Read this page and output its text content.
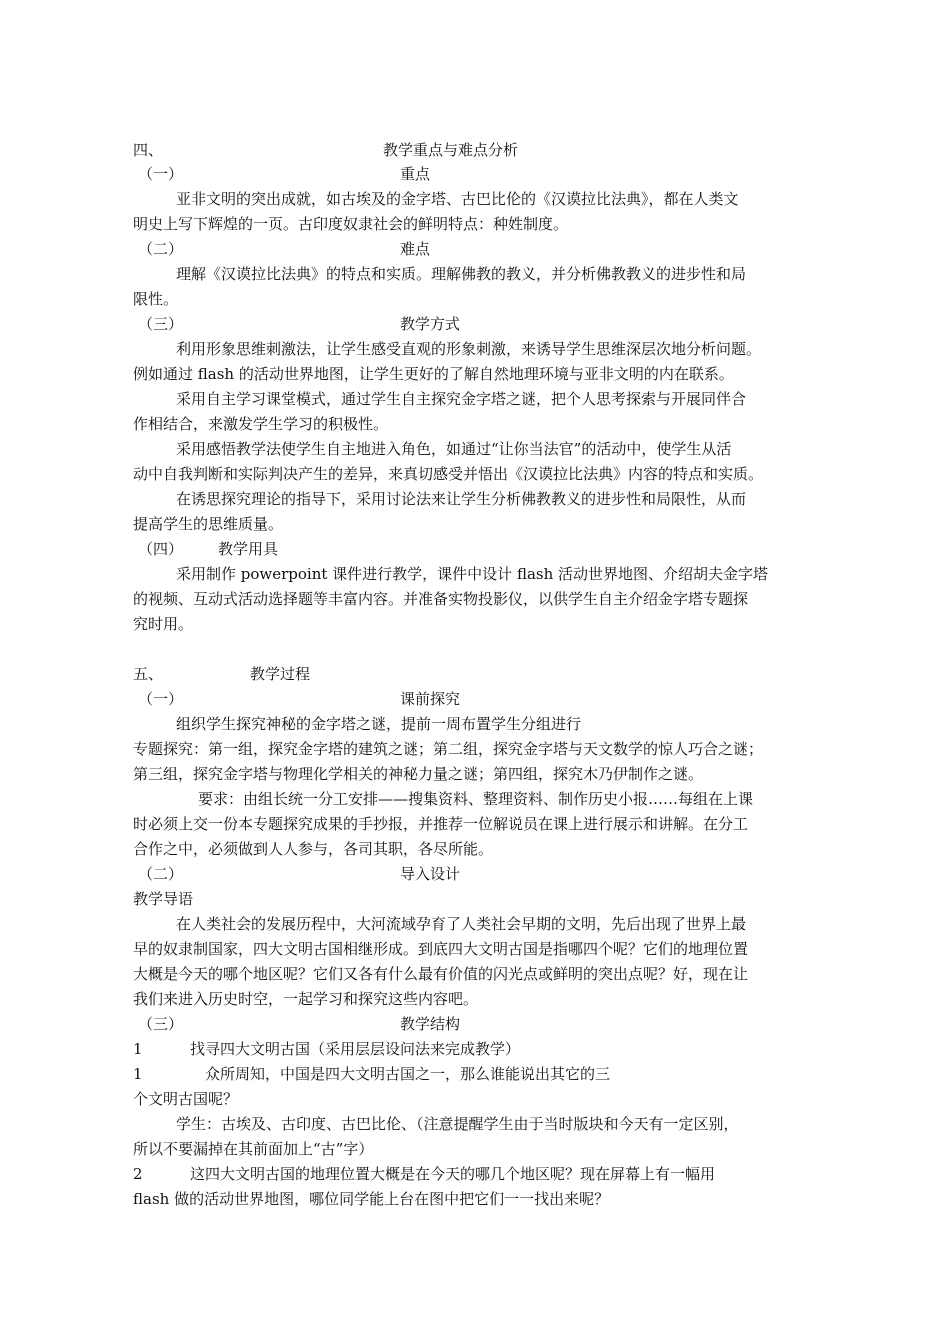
四、	教学重点与难点分析
（一）	重点
亚非文明的突出成就，如古埃及的金字塔、古巴比伦的《汉谟拉比法典》，都在人类文
明史上写下辉煌的一页。古印度奴隶社会的鲜明特点：种姓制度。
（二）	难点
理解《汉谟拉比法典》的特点和实质。理解佛教的教义，并分析佛教教义的进步性和局
限性。
（三）	教学方式
利用形象思维刺激法，让学生感受直观的形象刺激，来诱导学生思维深层次地分析问题。
例如通过 flash 的活动世界地图，让学生更好的了解自然地理环境与亚非文明的内在联系。
采用自主学习课堂模式，通过学生自主探究金字塔之谜，把个人思考探索与开展同伴合
作相结合，来激发学生学习的积极性。
采用感悟教学法使学生自主地进入角色，如通过“让你当法官”的活动中，使学生从活
动中自我判断和实际判决产生的差异，来真切感受并悟出《汉谟拉比法典》内容的特点和实质。
在诱思探究理论的指导下，采用讨论法来让学生分析佛教教义的进步性和局限性，从而
提高学生的思维质量。
（四） 教学用具
采用制作 powerpoint 课件进行教学，课件中设计 flash 活动世界地图、介绍胡夫金字塔
的视频、互动式活动选择题等丰富内容。并准备实物投影仪，以供学生自主介绍金字塔专题探
究时用。
五、	教学过程
（一）	课前探究
组织学生探究神秘的金字塔之谜，提前一周布置学生分组进行
专题探究：第一组，探究金字塔的建筑之谜；第二组，探究金字塔与天文数学的惊人巧合之谜；
第三组，探究金字塔与物理化学相关的神秘力量之谜；第四组，探究木乃伊制作之谜。
要求：由组长统一分工安排——搜集资料、整理资料、制作历史小报……每组在上课
时必须上交一份本专题探究成果的手抄报，并推荐一位解说员在课上进行展示和讲解。在分工
合作之中，必须做到人人参与，各司其职，各尽所能。
（二）	导入设计
教学导语
在人类社会的发展历程中，大河流域孕育了人类社会早期的文明，先后出现了世界上最
早的奴隶制国家，四大文明古国相继形成。到底四大文明古国是指哪四个呢？它们的地理位置
大概是今天的哪个地区呢？它们又各有什么最有价值的闪光点或鲜明的突出点呢？好，现在让
我们来进入历史时空，一起学习和探究这些内容吧。
（三）	教学结构
1	找寻四大文明古国（采用层层设问法来完成教学）
1	众所周知，中国是四大文明古国之一，那么谁能说出其它的三
个文明古国呢？
学生：古埃及、古印度、古巴比伦、（注意提醒学生由于当时版块和今天有一定区别，
所以不要漏掉在其前面加上“古”字）
2	这四大文明古国的地理位置大概是在今天的哪几个地区呢？现在屏幕上有一幅用
flash 做的活动世界地图，哪位同学能上台在图中把它们一一找出来呢？
